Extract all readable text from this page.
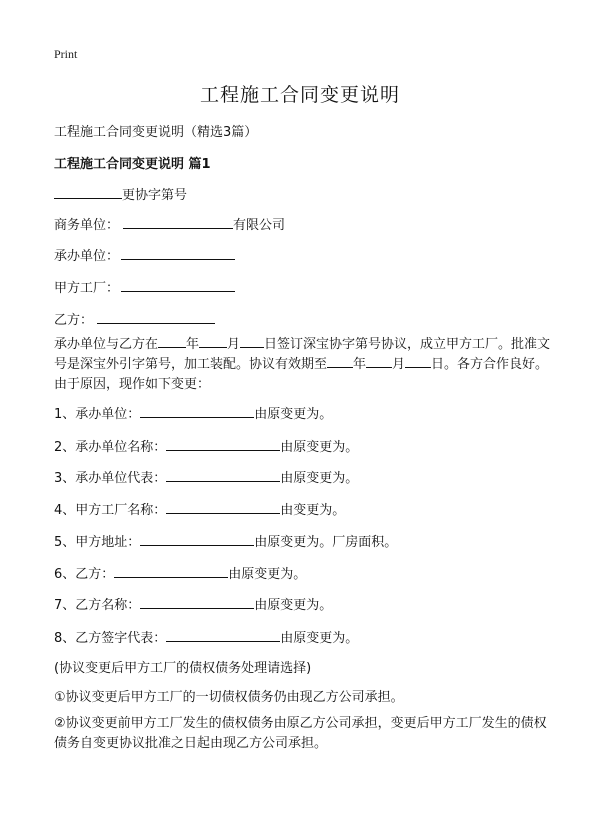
Print
工程施工合同变更说明
工程施工合同变更说明（精选3篇）
工程施工合同变更说明 篇1
更协字第号
商务单位：	有限公司
承办单位：
甲方工厂：
乙方：
承办单位与乙方在 年 月 日签订深宝协字第号协议，成立甲方工厂。批准文号是深宝外引字第号，加工装配。协议有效期至 年 月 日。各方合作良好。由于原因，现作如下变更：
1、承办单位：	由原变更为。
2、承办单位名称：	由原变更为。
3、承办单位代表：	由原变更为。
4、甲方工厂名称：	由变更为。
5、甲方地址：	由原变更为。厂房面积。
6、乙方：	由原变更为。
7、乙方名称：	由原变更为。
8、乙方签字代表：	由原变更为。
(协议变更后甲方工厂的债权债务处理请选择)
①协议变更后甲方工厂的一切债权债务仍由现乙方公司承担。
②协议变更前甲方工厂发生的债权债务由原乙方公司承担，变更后甲方工厂发生的债权债务自变更协议批准之日起由现乙方公司承担。
